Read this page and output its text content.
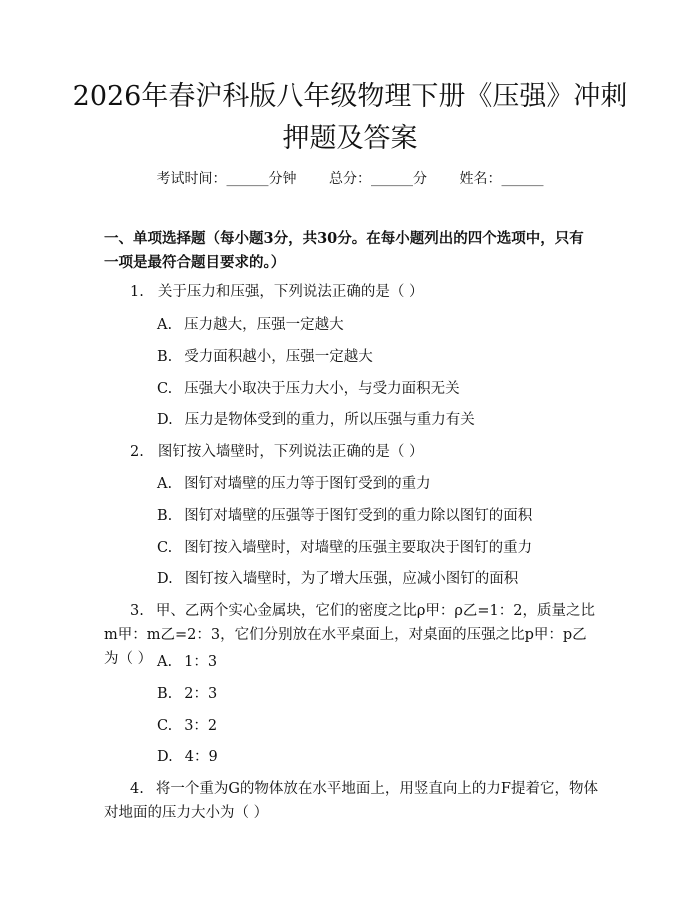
2026年春沪科版八年级物理下册《压强》冲刺押题及答案
考试时间：______分钟 总分：______分 姓名：______
一、单项选择题（每小题3分，共30分。在每小题列出的四个选项中，只有一项是最符合题目要求的。）
1. 关于压力和压强，下列说法正确的是（ ）
A. 压力越大，压强一定越大
B. 受力面积越小，压强一定越大
C. 压强大小取决于压力大小，与受力面积无关
D. 压力是物体受到的重力，所以压强与重力有关
2. 图钉按入墙壁时，下列说法正确的是（ ）
A. 图钉对墙壁的压力等于图钉受到的重力
B. 图钉对墙壁的压强等于图钉受到的重力除以图钉的面积
C. 图钉按入墙壁时，对墙壁的压强主要取决于图钉的重力
D. 图钉按入墙壁时，为了增大压强，应减小图钉的面积
3. 甲、乙两个实心金属块，它们的密度之比ρ甲：ρ乙=1：2，质量之比m甲：m乙=2：3，它们分别放在水平桌面上，对桌面的压强之比p甲：p乙为（ ） A. 1：3
B. 2：3
C. 3：2
D. 4：9
4. 将一个重为G的物体放在水平地面上，用竖直向上的力F提着它，物体对地面的压力大小为（ ）
